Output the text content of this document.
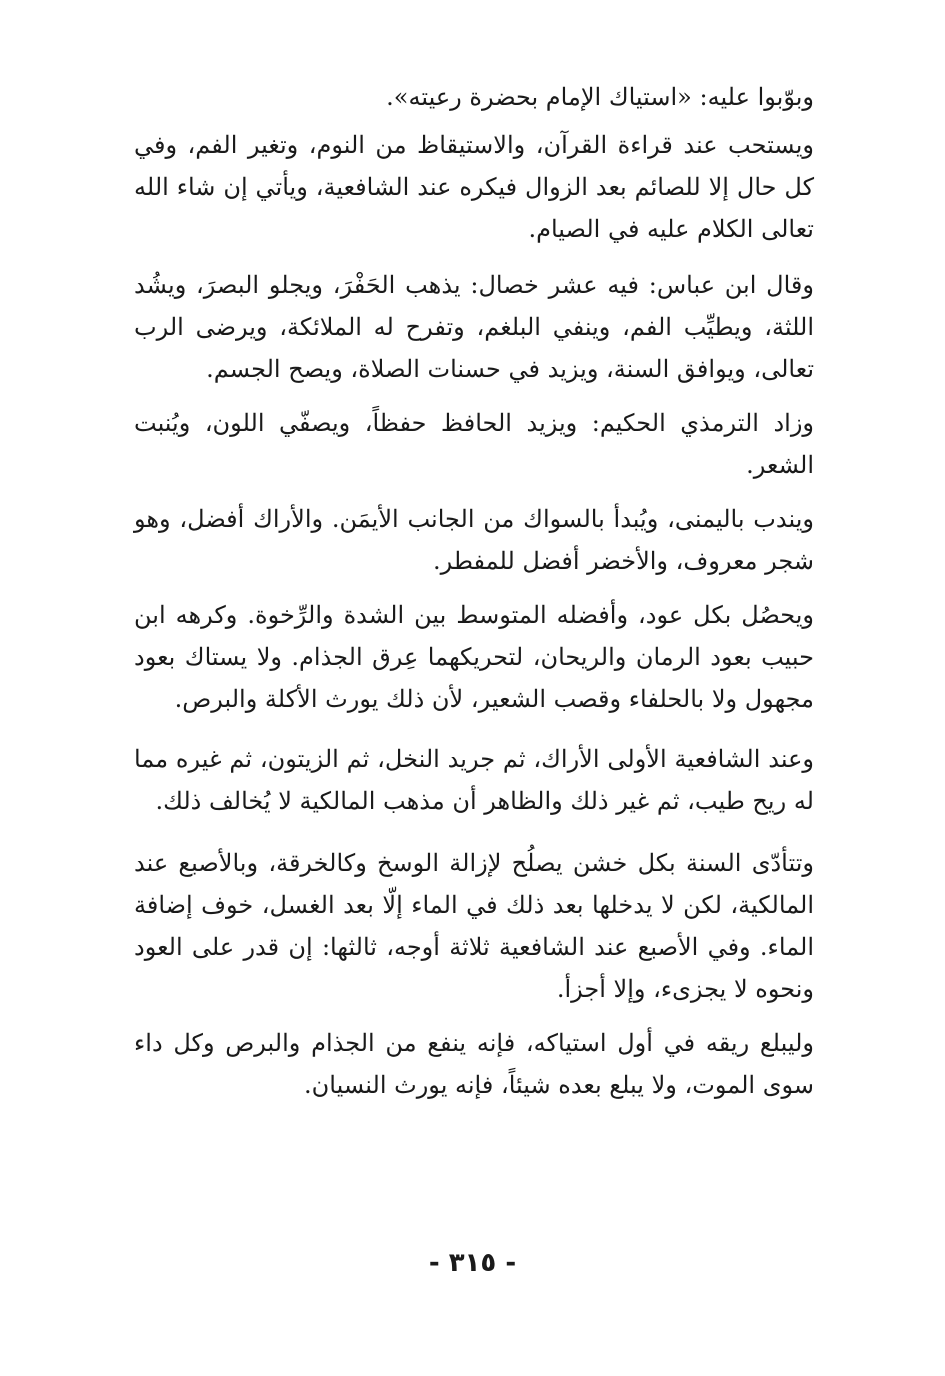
وبوّبوا عليه: «استياك الإمام بحضرة رعيته».

ويستحب عند قراءة القرآن، والاستيقاظ من النوم، وتغير الفم، وفي كل حال إلا للصائم بعد الزوال فيكره عند الشافعية، ويأتي إن شاء الله تعالى الكلام عليه في الصيام.

وقال ابن عباس: فيه عشر خصال: يذهب الحَفْرَ، ويجلو البصرَ، ويشُد اللثة، ويطيِّب الفم، وينفي البلغم، وتفرح له الملائكة، ويرضى الرب تعالى، ويوافق السنة، ويزيد في حسنات الصلاة، ويصح الجسم.

وزاد الترمذي الحكيم: ويزيد الحافظ حفظاً، ويصفّي اللون، ويُنبت الشعر.

ويندب باليمنى، ويُبدأ بالسواك من الجانب الأيمَن. والأراك أفضل، وهو شجر معروف، والأخضر أفضل للمفطر.

ويحصُل بكل عود، وأفضله المتوسط بين الشدة والرِّخوة. وكرهه ابن حبيب بعود الرمان والريحان، لتحريكهما عِرق الجذام. ولا يستاك بعود مجهول ولا بالحلفاء وقصب الشعير، لأن ذلك يورث الأكلة والبرص.

وعند الشافعية الأولى الأراك، ثم جريد النخل، ثم الزيتون، ثم غيره مما له ريح طيب، ثم غير ذلك والظاهر أن مذهب المالكية لا يُخالف ذلك.

وتتأدّى السنة بكل خشن يصلُح لإزالة الوسخ وكالخرقة، وبالأصبع عند المالكية، لكن لا يدخلها بعد ذلك في الماء إلّا بعد الغسل، خوف إضافة الماء. وفي الأصبع عند الشافعية ثلاثة أوجه، ثالثها: إن قدر على العود ونحوه لا يجزىء، وإلا أجزأ.

وليبلع ريقه في أول استياكه، فإنه ينفع من الجذام والبرص وكل داء سوى الموت، ولا يبلع بعده شيئاً، فإنه يورث النسيان.

- ٣١٥ -
